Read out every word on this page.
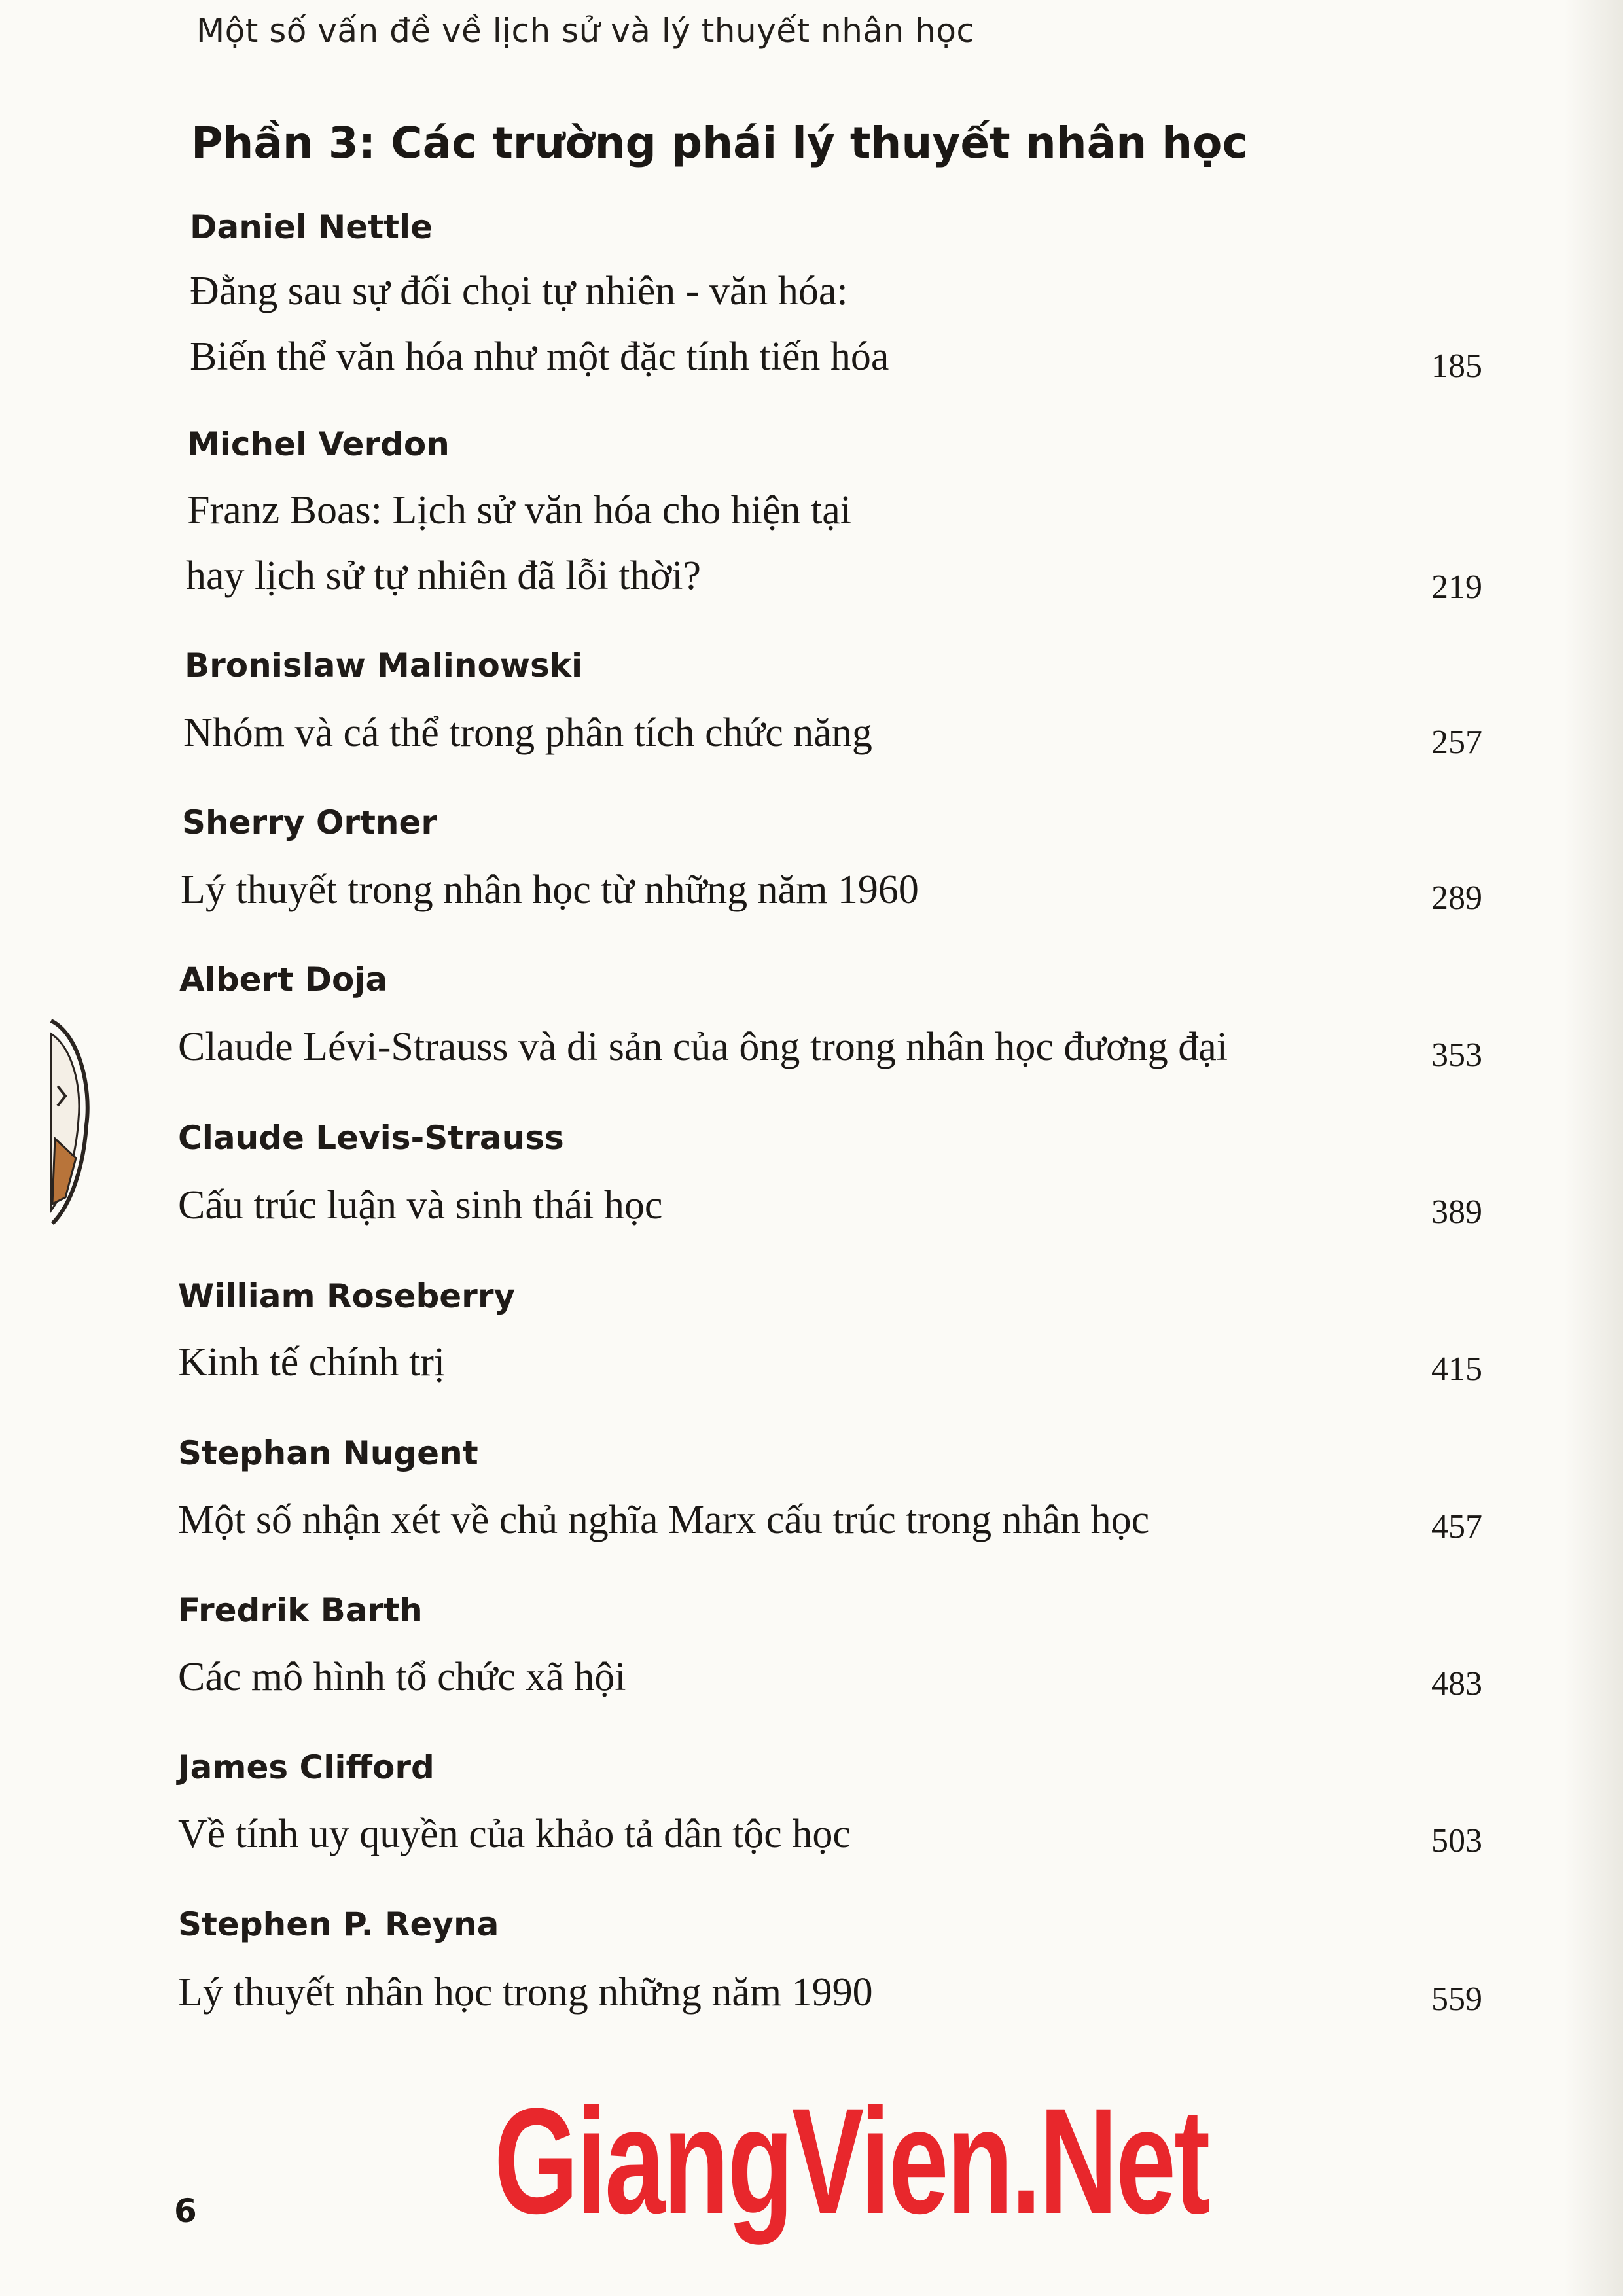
Một số vấn đề về lịch sử và lý thuyết nhân học
Phần 3: Các trường phái lý thuyết nhân học
Daniel Nettle
Đằng sau sự đối chọi tự nhiên - văn hóa:
Biến thể văn hóa như một đặc tính tiến hóa	185
Michel Verdon
Franz Boas: Lịch sử văn hóa cho hiện tại
hay lịch sử tự nhiên đã lỗi thời?	219
Bronislaw Malinowski
Nhóm và cá thể trong phân tích chức năng	257
Sherry Ortner
Lý thuyết trong nhân học từ những năm 1960	289
Albert Doja
Claude Lévi-Strauss và di sản của ông trong nhân học đương đại	353
Claude Levis-Strauss
Cấu trúc luận và sinh thái học	389
William Roseberry
Kinh tế chính trị	415
Stephan Nugent
Một số nhận xét về chủ nghĩa Marx cấu trúc trong nhân học	457
Fredrik Barth
Các mô hình tổ chức xã hội	483
James Clifford
Về tính uy quyền của khảo tả dân tộc học	503
Stephen P. Reyna
Lý thuyết nhân học trong những năm 1990	559
GiangVien.Net
6
